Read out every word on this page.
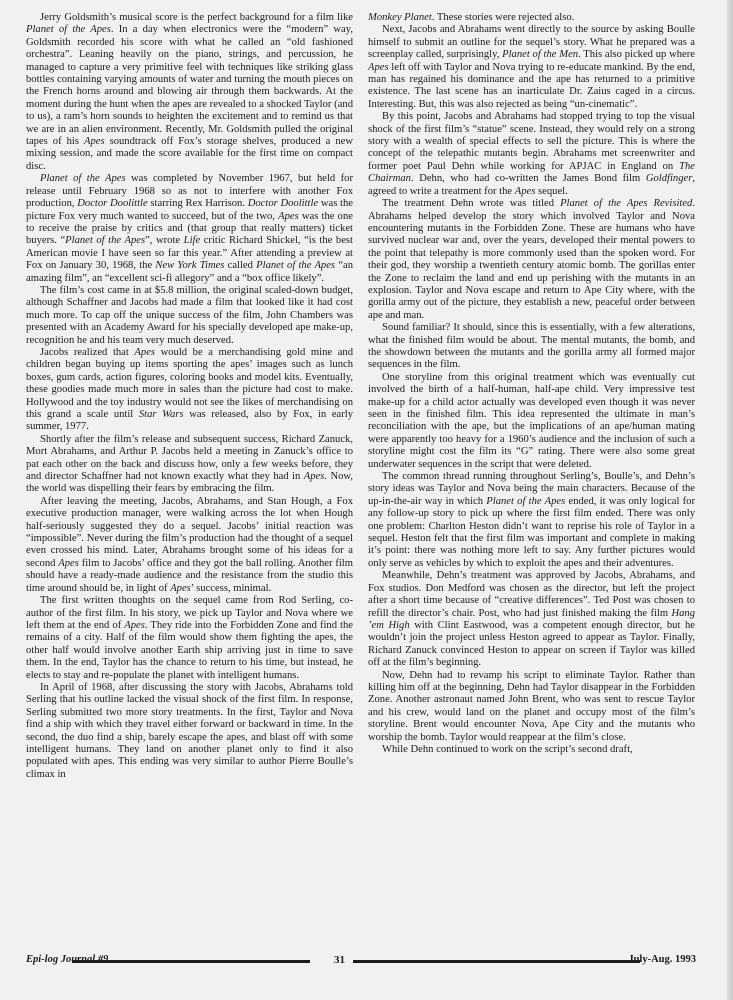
Jerry Goldsmith’s musical score is the perfect background for a film like Planet of the Apes. In a day when electronics were the “modern” way, Goldsmith recorded his score with what he called an “old fashioned orchestra”. Leaning heavily on the piano, strings, and percussion, he managed to capture a very primitive feel with techniques like striking glass bottles containing varying amounts of water and turning the mouth pieces on the French horns around and blowing air through them backwards. At the moment during the hunt when the apes are revealed to a shocked Taylor (and to us), a ram’s horn sounds to heighten the excitement and to remind us that we are in an alien environment. Recently, Mr. Goldsmith pulled the original tapes of his Apes soundtrack off Fox’s storage shelves, produced a new mixing session, and made the score available for the first time on compact disc.

Planet of the Apes was completed by November 1967, but held for release until February 1968 so as not to interfere with another Fox production, Doctor Doolittle starring Rex Harrison. Doctor Doolittle was the picture Fox very much wanted to succeed, but of the two, Apes was the one to receive the praise by critics and (that group that really matters) ticket buyers. “Planet of the Apes”, wrote Life critic Richard Shickel, “is the best American movie I have seen so far this year.” After attending a preview at Fox on January 30, 1968, the New York Times called Planet of the Apes “an amazing film”, an “excellent sci-fi allegory” and a “box office likely”.

The film’s cost came in at $5.8 million, the original scaled-down budget, although Schaffner and Jacobs had made a film that looked like it had cost much more. To cap off the unique success of the film, John Chambers was presented with an Academy Award for his specially developed ape make-up, recognition he and his team very much deserved.

Jacobs realized that Apes would be a merchandising gold mine and children began buying up items sporting the apes’ images such as lunch boxes, gum cards, action figures, coloring books and model kits. Eventually, these goodies made much more in sales than the picture had cost to make. Hollywood and the toy industry would not see the likes of merchandising on this grand a scale until Star Wars was released, also by Fox, in early summer, 1977.

Shortly after the film’s release and subsequent success, Richard Zanuck, Mort Abrahams, and Arthur P. Jacobs held a meeting in Zanuck’s office to pat each other on the back and discuss how, only a few weeks before, they and director Schaffner had not known exactly what they had in Apes. Now, the world was dispelling their fears by embracing the film.

After leaving the meeting, Jacobs, Abrahams, and Stan Hough, a Fox executive production manager, were walking across the lot when Hough half-seriously suggested they do a sequel. Jacobs’ initial reaction was “impossible”. Never during the film’s production had the thought of a sequel even crossed his mind. Later, Abrahams brought some of his ideas for a second Apes film to Jacobs’ office and they got the ball rolling. Another film should have a ready-made audience and the resistance from the studio this time around should be, in light of Apes’ success, minimal.

The first written thoughts on the sequel came from Rod Serling, co-author of the first film. In his story, we pick up Taylor and Nova where we left them at the end of Apes. They ride into the Forbidden Zone and find the remains of a city. Half of the film would show them fighting the apes, the other half would involve another Earth ship arriving just in time to save them. In the end, Taylor has the chance to return to his time, but instead, he elects to stay and re-populate the planet with intelligent humans.

In April of 1968, after discussing the story with Jacobs, Abrahams told Serling that his outline lacked the visual shock of the first film. In response, Serling submitted two more story treatments. In the first, Taylor and Nova find a ship with which they travel either forward or backward in time. In the second, the duo find a ship, barely escape the apes, and blast off with some intelligent humans. They land on another planet only to find it also populated with apes. This ending was very similar to author Pierre Boulle’s climax in

Monkey Planet. These stories were rejected also.

Next, Jacobs and Abrahams went directly to the source by asking Boulle himself to submit an outline for the sequel’s story. What he prepared was a screenplay called, surprisingly, Planet of the Men. This also picked up where Apes left off with Taylor and Nova trying to re-educate mankind. By the end, man has regained his dominance and the ape has returned to a primitive existence. The last scene has an inarticulate Dr. Zaius caged in a circus. Interesting. But, this was also rejected as being “un-cinematic”.

By this point, Jacobs and Abrahams had stopped trying to top the visual shock of the first film’s “statue” scene. Instead, they would rely on a strong story with a wealth of special effects to sell the picture. This is where the concept of the telepathic mutants begin. Abrahams met screenwriter and former poet Paul Dehn while working for APJAC in England on The Chairman. Dehn, who had co-written the James Bond film Goldfinger, agreed to write a treatment for the Apes sequel.

The treatment Dehn wrote was titled Planet of the Apes Revisited. Abrahams helped develop the story which involved Taylor and Nova encountering mutants in the Forbidden Zone. These are humans who have survived nuclear war and, over the years, developed their mental powers to the point that telepathy is more commonly used than the spoken word. For their god, they worship a twentieth century atomic bomb. The gorillas enter the Zone to reclaim the land and end up perishing with the mutants in an explosion. Taylor and Nova escape and return to Ape City where, with the gorilla army out of the picture, they establish a new, peaceful order between ape and man.

Sound familiar? It should, since this is essentially, with a few alterations, what the finished film would be about. The mental mutants, the bomb, and the showdown between the mutants and the gorilla army all formed major sequences in the film.

One storyline from this original treatment which was eventually cut involved the birth of a half-human, half-ape child. Very impressive test make-up for a child actor actually was developed even though it was never seen in the finished film. This idea represented the ultimate in man’s reconciliation with the ape, but the implications of an ape/human mating were apparently too heavy for a 1960’s audience and the inclusion of such a storyline might cost the film its “G” rating. There were also some great underwater sequences in the script that were deleted.

The common thread running throughout Serling’s, Boulle’s, and Dehn’s story ideas was Taylor and Nova being the main characters. Because of the up-in-the-air way in which Planet of the Apes ended, it was only logical for any follow-up story to pick up where the first film ended. There was only one problem: Charlton Heston didn’t want to reprise his role of Taylor in a sequel. Heston felt that the first film was important and complete in making it’s point: there was nothing more left to say. Any further pictures would only serve as vehicles by which to exploit the apes and their adventures.

Meanwhile, Dehn’s treatment was approved by Jacobs, Abrahams, and Fox studios. Don Medford was chosen as the director, but left the project after a short time because of “creative differences”. Ted Post was chosen to refill the director’s chair. Post, who had just finished making the film Hang ’em High with Clint Eastwood, was a competent enough director, but he wouldn’t join the project unless Heston agreed to appear as Taylor. Finally, Richard Zanuck convinced Heston to appear on screen if Taylor was killed off at the film’s beginning.

Now, Dehn had to revamp his script to eliminate Taylor. Rather than killing him off at the beginning, Dehn had Taylor disappear in the Forbidden Zone. Another astronaut named John Brent, who was sent to rescue Taylor and his crew, would land on the planet and occupy most of the film’s storyline. Brent would encounter Nova, Ape City and the mutants who worship the bomb. Taylor would reappear at the film’s close.

While Dehn continued to work on the script’s second draft,

Epi-log Journal #9	31	July-Aug. 1993
